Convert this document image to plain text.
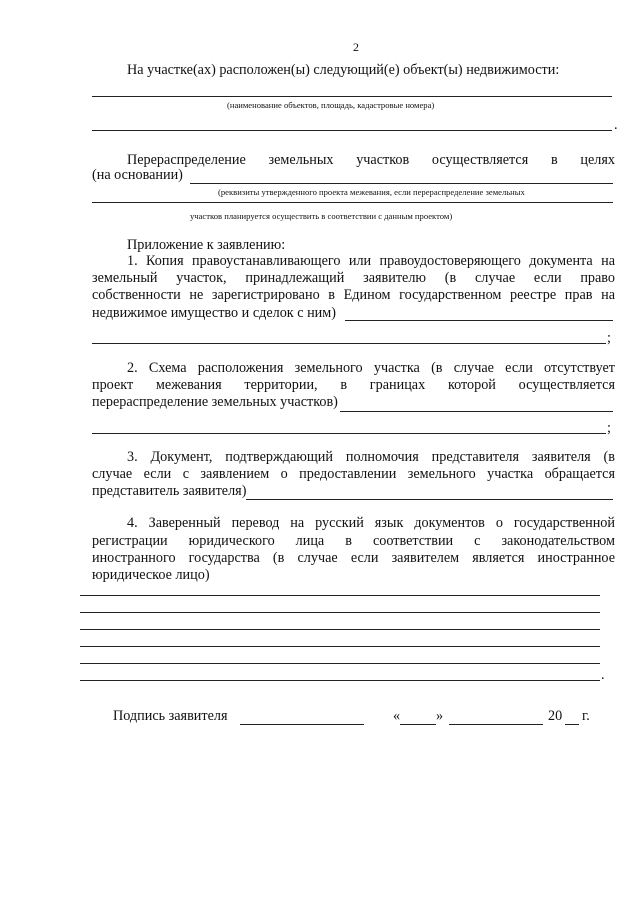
2
На участке(ах) расположен(ы) следующий(е) объект(ы) недвижимости:
(наименование объектов, площадь, кадастровые номера)
.
Перераспределение земельных участков осуществляется в целях
(на основании)
(реквизиты утвержденного проекта межевания, если перераспределение земельных
участков планируется осуществить в соответствии с данным проектом)
Приложение к заявлению:
1. Копия правоустанавливающего или правоудостоверяющего документа на
земельный участок, принадлежащий заявителю (в случае если право
собственности не зарегистрировано в Едином государственном реестре прав на
недвижимое имущество и сделок с ним)
;
2. Схема расположения земельного участка (в случае если отсутствует
проект межевания территории, в границах которой осуществляется
перераспределение земельных участков)
;
3. Документ, подтверждающий полномочия представителя заявителя (в
случае если с заявлением о предоставлении земельного участка обращается
представитель заявителя)
4. Заверенный перевод на русский язык документов о государственной
регистрации юридического лица в соответствии с законодательством
иностранного государства (в случае если заявителем является иностранное
юридическое лицо)
.
Подпись заявителя	«	»	20 г.
